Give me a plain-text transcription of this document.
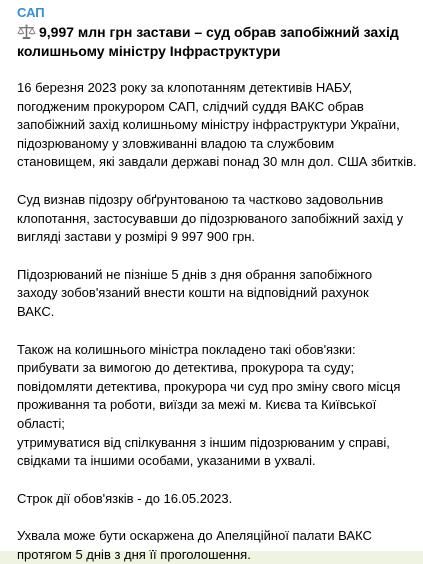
САП
9,997 млн грн застави – суд обрав запобіжний захід
колишньому міністру Інфраструктури
16 березня 2023 року за клопотанням детективів НАБУ,
погодженим прокурором САП, слідчий суддя ВАКС обрав
запобіжний захід колишньому міністру інфраструктури України,
підозрюваному у зловживанні владою та службовим
становищем, які завдали державі понад 30 млн дол. США збитків.
Суд визнав підозру обґрунтованою та частково задовольнив
клопотання, застосувавши до підозрюваного запобіжний захід у
вигляді застави у розмірі 9 997 900 грн.
Підозрюваний не пізніше 5 днів з дня обрання запобіжного
заходу зобов'язаний внести кошти на відповідний рахунок
ВАКС.
Також на колишнього міністра покладено такі обов'язки:
прибувати за вимогою до детектива, прокурора та суду;
повідомляти детектива, прокурора чи суд про зміну свого місця
проживання та роботи, виїзди за межі м. Києва та Київської
області;
утримуватися від спілкування з іншим підозрюваним у справі,
свідками та іншими особами, указаними в ухвалі.
Строк дії обов'язків - до 16.05.2023.
Ухвала може бути оскаржена до Апеляційної палати ВАКС
протягом 5 днів з дня її проголошення.
